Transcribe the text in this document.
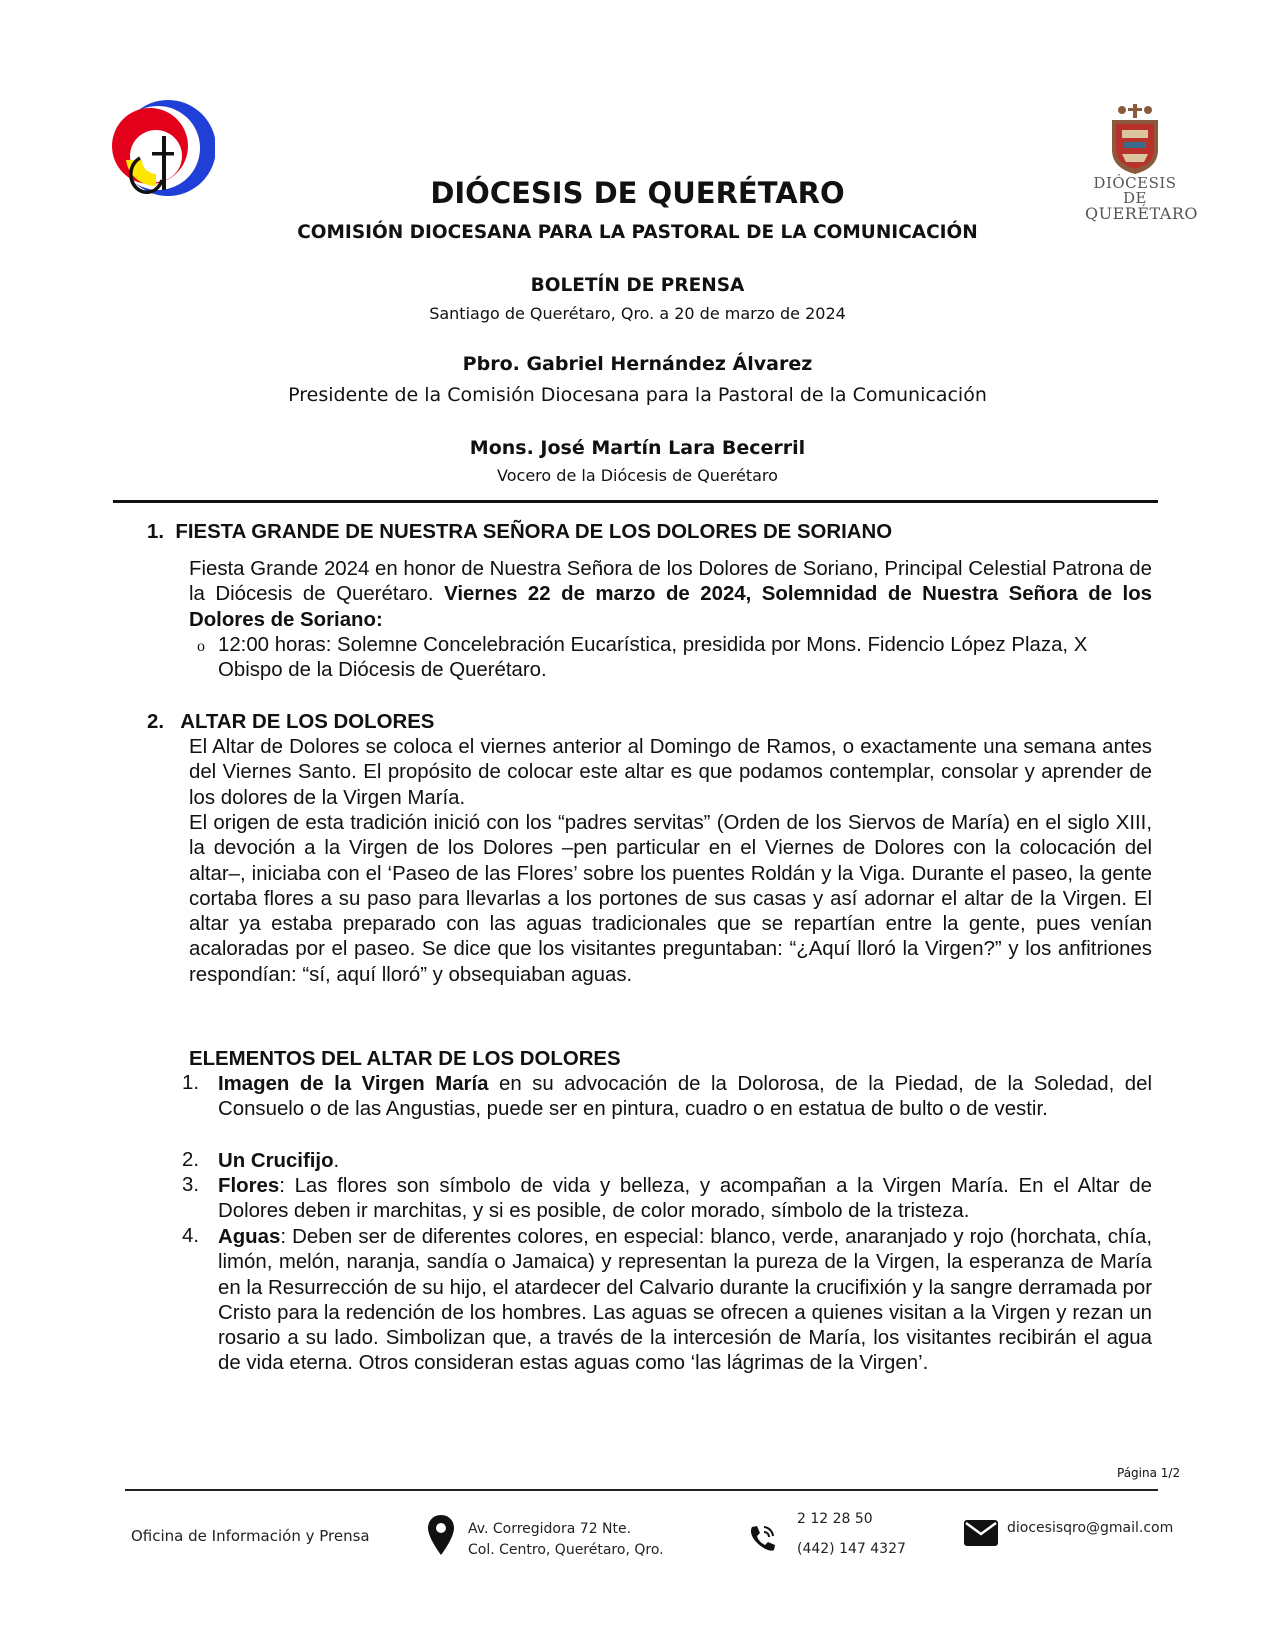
DIÓCESIS DE
QUERÉTARO
DIÓCESIS DE QUERÉTARO
COMISIÓN DIOCESANA PARA LA PASTORAL DE LA COMUNICACIÓN
BOLETÍN DE PRENSA
Santiago de Querétaro, Qro. a 20 de marzo de 2024
Pbro. Gabriel Hernández Álvarez
Presidente de la Comisión Diocesana para la Pastoral de la Comunicación
Mons. José Martín Lara Becerril
Vocero de la Diócesis de Querétaro
1. FIESTA GRANDE DE NUESTRA SEÑORA DE LOS DOLORES DE SORIANO
Fiesta Grande 2024 en honor de Nuestra Señora de los Dolores de Soriano, Principal Celestial Patrona de la Diócesis de Querétaro. Viernes 22 de marzo de 2024, Solemnidad de Nuestra Señora de los Dolores de Soriano:
o 12:00 horas: Solemne Concelebración Eucarística, presidida por Mons. Fidencio López Plaza, X Obispo de la Diócesis de Querétaro.
2. ALTAR DE LOS DOLORES
El Altar de Dolores se coloca el viernes anterior al Domingo de Ramos, o exactamente una semana antes del Viernes Santo. El propósito de colocar este altar es que podamos contemplar, consolar y aprender de los dolores de la Virgen María.
El origen de esta tradición inició con los “padres servitas” (Orden de los Siervos de María) en el siglo XIII, la devoción a la Virgen de los Dolores –pen particular en el Viernes de Dolores con la colocación del altar–, iniciaba con el ‘Paseo de las Flores’ sobre los puentes Roldán y la Viga. Durante el paseo, la gente cortaba flores a su paso para llevarlas a los portones de sus casas y así adornar el altar de la Virgen. El altar ya estaba preparado con las aguas tradicionales que se repartían entre la gente, pues venían acaloradas por el paseo. Se dice que los visitantes preguntaban: “¿Aquí lloró la Virgen?” y los anfitriones respondían: “sí, aquí lloró” y obsequiaban aguas.
ELEMENTOS DEL ALTAR DE LOS DOLORES
1. Imagen de la Virgen María en su advocación de la Dolorosa, de la Piedad, de la Soledad, del Consuelo o de las Angustias, puede ser en pintura, cuadro o en estatua de bulto o de vestir.
2. Un Crucifijo.
3. Flores: Las flores son símbolo de vida y belleza, y acompañan a la Virgen María. En el Altar de Dolores deben ir marchitas, y si es posible, de color morado, símbolo de la tristeza.
4. Aguas: Deben ser de diferentes colores, en especial: blanco, verde, anaranjado y rojo (horchata, chía, limón, melón, naranja, sandía o Jamaica) y representan la pureza de la Virgen, la esperanza de María en la Resurrección de su hijo, el atardecer del Calvario durante la crucifixión y la sangre derramada por Cristo para la redención de los hombres. Las aguas se ofrecen a quienes visitan a la Virgen y rezan un rosario a su lado. Simbolizan que, a través de la intercesión de María, los visitantes recibirán el agua de vida eterna. Otros consideran estas aguas como ‘las lágrimas de la Virgen’.
Página 1/2
Oficina de Información y Prensa	Av. Corregidora 72 Nte.
Col. Centro, Querétaro, Qro.
2 12 28 50
(442) 147 4327
diocesisqro@gmail.com
